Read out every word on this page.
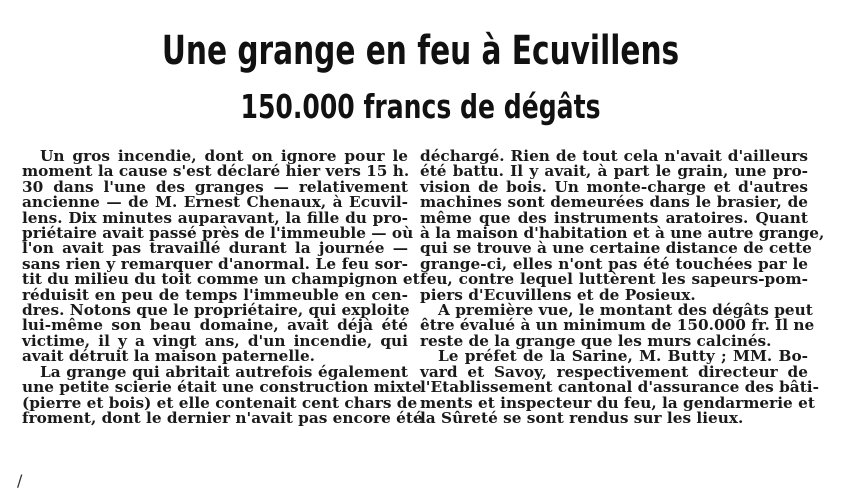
Une grange en feu à Ecuvillens
150.000 francs de dégâts
Un gros incendie, dont on ignore pour le
moment la cause s'est déclaré hier vers 15 h.
30 dans l'une des granges — relativement
ancienne — de M. Ernest Chenaux, à Ecuvil-
lens. Dix minutes auparavant, la fille du pro-
priétaire avait passé près de l'immeuble — où
l'on avait pas travaillé durant la journée —
sans rien y remarquer d'anormal. Le feu sor-
tit du milieu du toit comme un champignon et
réduisit en peu de temps l'immeuble en cen-
dres. Notons que le propriétaire, qui exploite
lui-même son beau domaine, avait déjà été
victime, il y a vingt ans, d'un incendie, qui
avait détruit la maison paternelle.
La grange qui abritait autrefois également
une petite scierie était une construction mixte
(pierre et bois) et elle contenait cent chars de
froment, dont le dernier n'avait pas encore été
déchargé. Rien de tout cela n'avait d'ailleurs
été battu. Il y avait, à part le grain, une pro-
vision de bois. Un monte-charge et d'autres
machines sont demeurées dans le brasier, de
même que des instruments aratoires. Quant
à la maison d'habitation et à une autre grange,
qui se trouve à une certaine distance de cette
grange-ci, elles n'ont pas été touchées par le
feu, contre lequel luttèrent les sapeurs-pom-
piers d'Ecuvillens et de Posieux.
A première vue, le montant des dégâts peut
être évalué à un minimum de 150.000 fr. Il ne
reste de la grange que les murs calcinés.
Le préfet de la Sarine, M. Butty ; MM. Bo-
vard et Savoy, respectivement directeur de
l'Etablissement cantonal d'assurance des bâti-
ments et inspecteur du feu, la gendarmerie et
la Sûreté se sont rendus sur les lieux.
/
